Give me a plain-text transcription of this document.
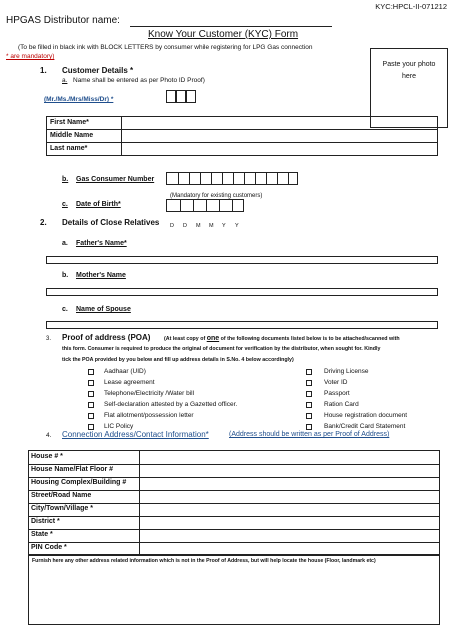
KYC:HPCL-II-071212
HPGAS Distributor name:
Know Your Customer (KYC) Form
(To be filled in black ink with BLOCK LETTERS by consumer while registering for LPG Gas connection
* are mandatory)
Paste your photo here
1. Customer Details *
a. Name shall be entered as per Photo ID Proof)
(Mr./Ms./Mrs/Miss/Dr) *
First Name*
Middle Name
Last name*
b. Gas Consumer Number
(Mandatory for existing customers)
c. Date of Birth*
D D M M Y Y
2. Details of Close Relatives
a. Father's Name*
b. Mother's Name
c. Name of Spouse
3. Proof of address (POA)	(At least copy of one of the following documents listed below is to be attached/scanned with
this form. Consumer is required to produce the original of document for verification by the distributor, when sought for. Kindly
tick the POA provided by you below and fill up address details in S.No. 4 below accordingly)
Aadhaar (UID)
Lease agreement
Telephone/Electricity /Water bill
Self-declaration attested by a Gazetted officer.
Flat allotment/possession letter
LIC Policy
Driving License
Voter ID
Passport
Ration Card
House registration document
Bank/Credit Card Statement
4. Connection Address/Contact Information*	(Address should be written as per Proof of Address)
House # *
House Name/Flat Floor #
Housing Complex/Building #
Street/Road Name
City/Town/Village *
District *
State *
PIN Code *
Furnish here any other address related information which is not in the Proof of Address, but will help locate the house (Floor, landmark etc)
